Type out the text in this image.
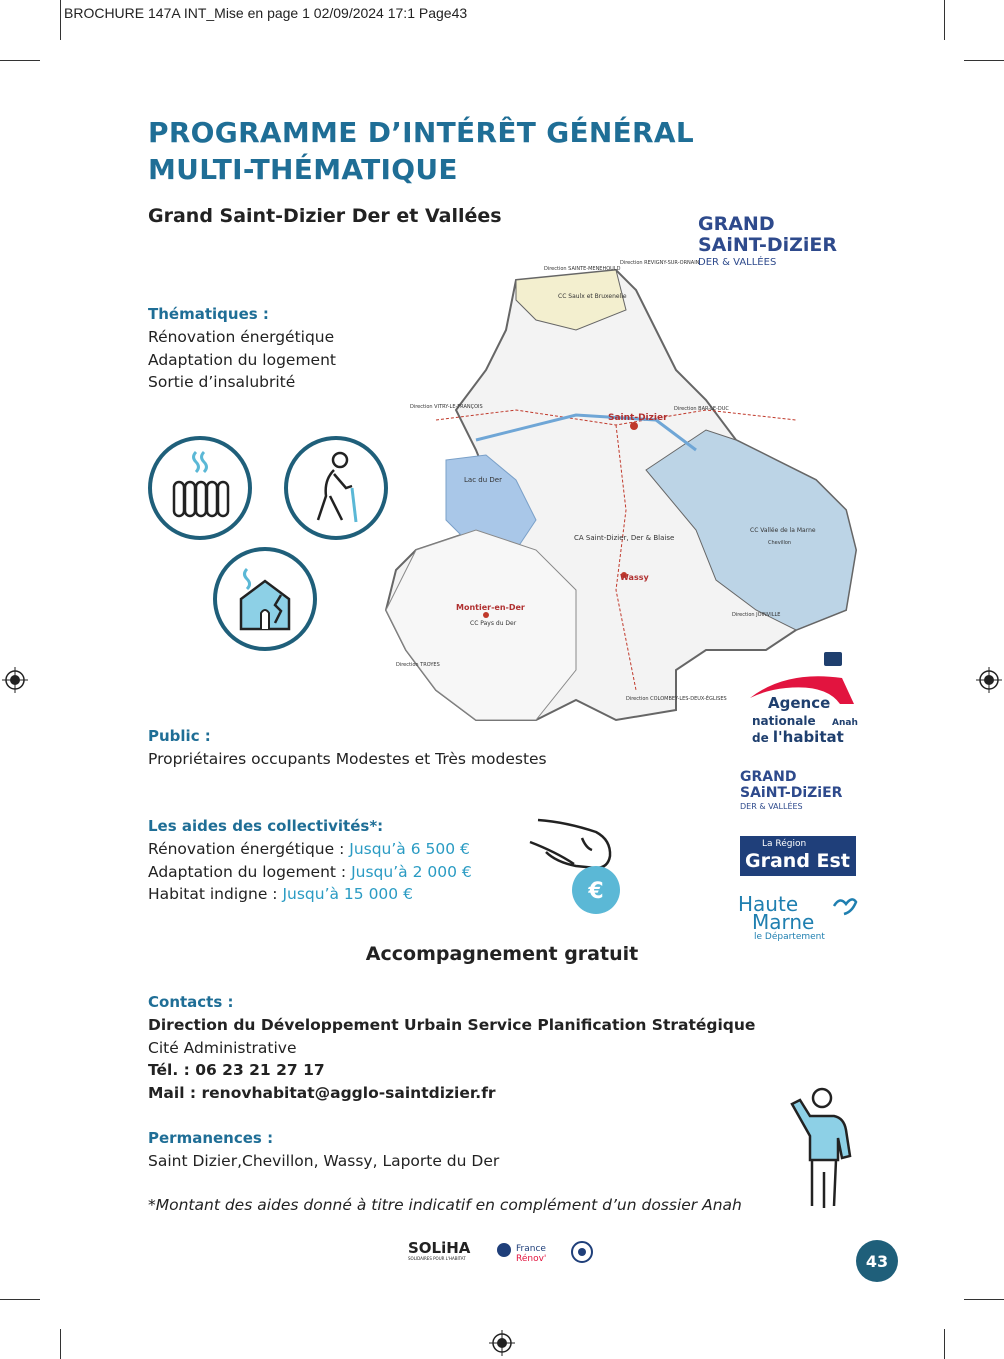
BROCHURE 147A INT_Mise en page 1 02/09/2024 17:1 Page43
PROGRAMME D’INTÉRÊT GÉNÉRAL
MULTI-THÉMATIQUE
Grand Saint-Dizier Der et Vallées
Thématiques :
Rénovation énergétique
Adaptation du logement
Sortie d’insalubrité
Saint-Dizier
Wassy
Montier-en-Der
Lac du Der
CC Saulx et Bruxenelle
CA Saint-Dizier, Der & Blaise
CC Vallée de la Marne
CC Pays du Der
Chevillon
Direction JOINVILLE
Direction VITRY-LE-FRANÇOIS	Direction BAR-LE-DUC
Direction TROYES
Direction COLOMBEY-LES-DEUX-ÉGLISES
Direction SAINTE-MENEHOULD
Direction REVIGNY-SUR-ORNAIN
GRAND
SAiNT-DiZiER
DER & VALLÉES
Public :
Propriétaires occupants Modestes et Très modestes
Les aides des collectivités*:
Rénovation énergétique : Jusqu’à 6 500 €
Adaptation du logement : Jusqu’à 2 000 €
Habitat indigne : Jusqu’à 15 000 €	€
Agence
nationale Anah
de l'habitat
GRAND
SAiNT-DiZiER
DER & VALLÉES
La Région
Grand Est
Haute
Marne
le Département
Accompagnement gratuit
Contacts :
Direction du Développement Urbain Service Planification Stratégique
Cité Administrative
Tél. : 06 23 21 27 17
Mail : renovhabitat@agglo-saintdizier.fr
Permanences :
Saint Dizier,Chevillon, Wassy, Laporte du Der
*Montant des aides donné à titre indicatif en complément d’un dossier Anah
SOLiHA
SOLIDAIRES POUR L'HABITAT
France
Rénov'	43
